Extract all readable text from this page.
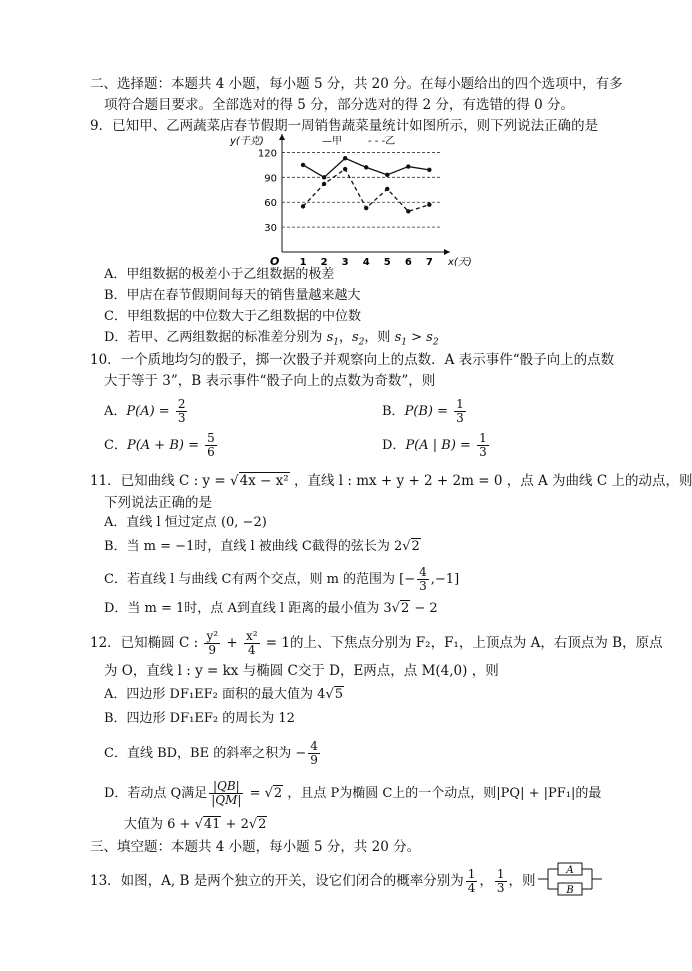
二、选择题：本题共 4 小题，每小题 5 分，共 20 分。在每小题给出的四个选项中，有多
项符合题目要求。全部选对的得 5 分，部分选对的得 2 分，有选错的得 0 分。
9．已知甲、乙两蔬菜店春节假期一周销售蔬菜量统计如图所示，则下列说法正确的是
30
60
90
120
1 2 3 4 5 6 7
O
y(千克)
x(天)
—甲	- - -乙
A．甲组数据的极差小于乙组数据的极差
B．甲店在春节假期间每天的销售量越来越大
C．甲组数据的中位数大于乙组数据的中位数
D．若甲、乙两组数据的标准差分别为 $s_1$，$s_2$，则 $s_1 > s_2$
10．一个质地均匀的骰子，掷一次骰子并观察向上的点数．A 表示事件“骰子向上的点数
大于等于 3”，B 表示事件“骰子向上的点数为奇数”，则
A．$P(A) = \frac{2}{3}$	B．$P(B) = \frac{1}{3}$
C．$P(A + B) = \frac{5}{6}$	D．P(A | $B) = \frac{1}{3}$
11．已知曲线 C : y = √4x − x² ，直线 l : mx + y + 2 + 2m = 0 ，点 A 为曲线 C 上的动点，则
下列说法正确的是
A．直线 l 恒过定点 (0, −2)
B．当 m = −1时，直线 l 被曲线 C截得的弦长为 2√2
C．若直线 l 与曲线 C有两个交点，则 m 的范围为 [− $\frac{4}{3} ,-1$]
D．当 m = 1时，点 A到直线 l 距离的最小值为 3√2 − 2
12．已知椭圆 C : $\frac{\text{y²}}{9} + \frac{\text{x²}}{4} = 1$的上、下焦点分别为 F₂，F₁，上顶点为 A，右顶点为 B，原点
为 O，直线 l : y = kx 与椭圆 C交于 D，E两点，点 M(4,0) ，则
A．四边形 DF₁EF₂ 面积的最大值为 4√5
B．四边形 DF₁EF₂ 的周长为 12
C．直线 BD，BE 的斜率之积为 − $\frac{4}{9}$
D．若动点 Q满足 $\frac{|QB|}{|QM|} = √2$ ，且点 P为椭圆 C上的一个动点，则|PQ| + |PF₁|的最
大值为 6 + √41 + 2√2
三、填空题：本题共 4 小题，每小题 5 分，共 20 分。
13．如图，A, B 是两个独立的开关，设它们闭合的概率分别为 $\frac{1}{4}$ ， $\frac{1}{3}$ ，则
A
B
